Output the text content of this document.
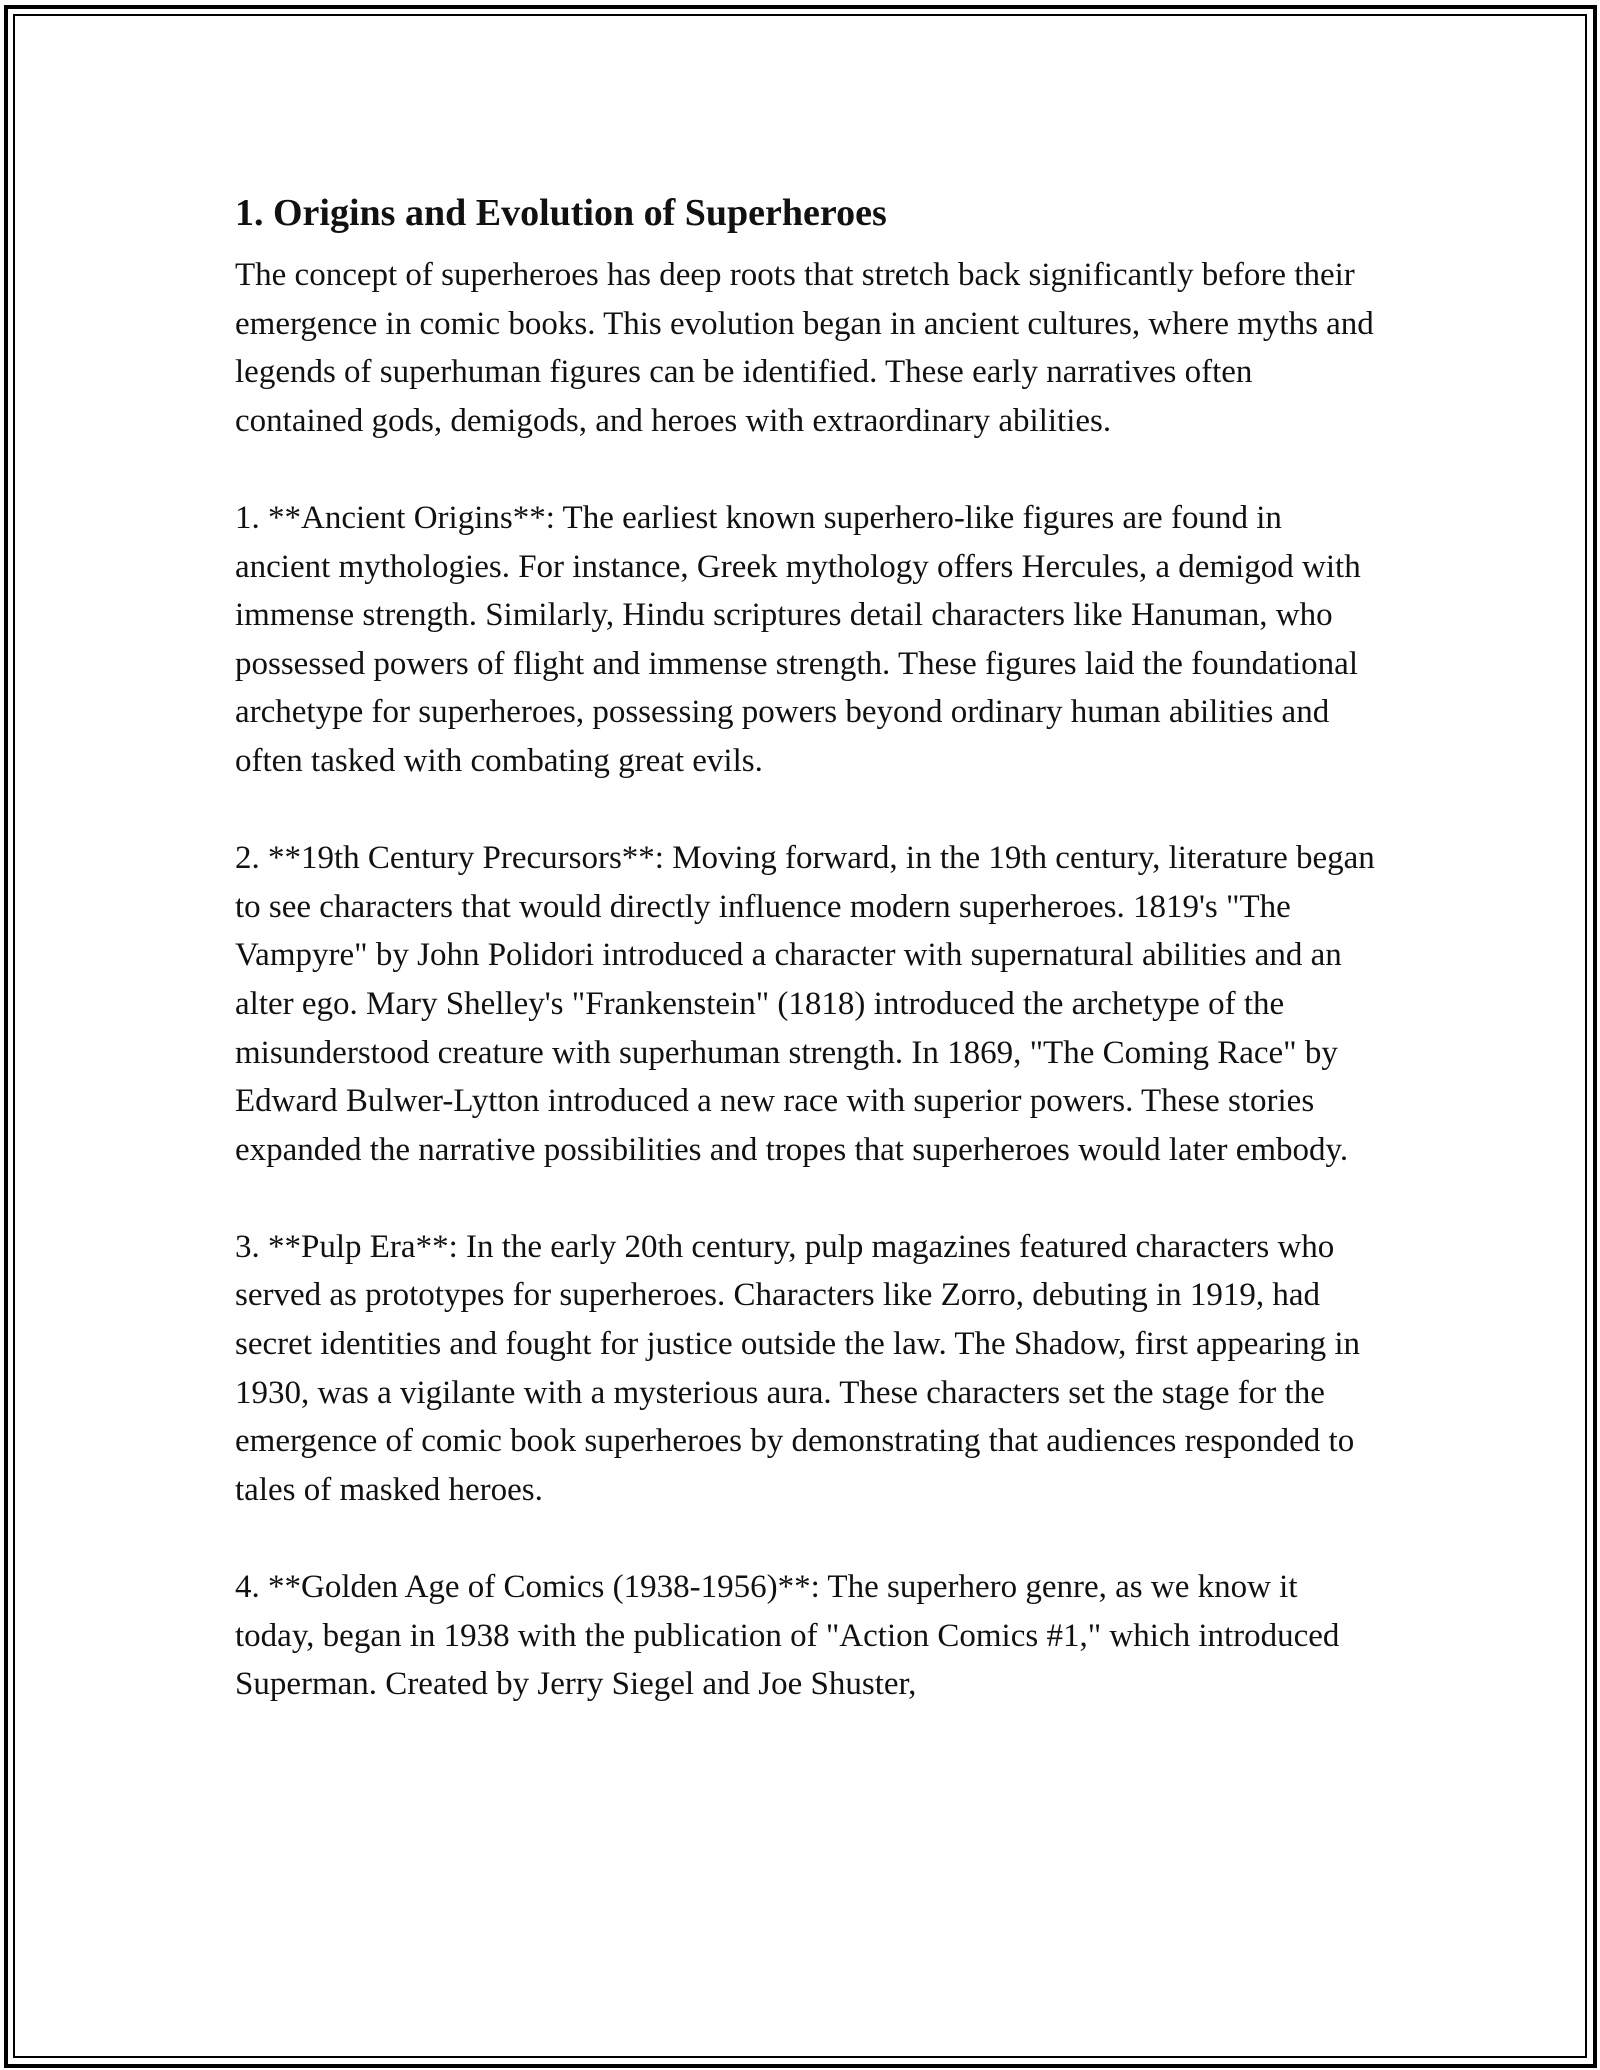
1. Origins and Evolution of Superheroes

The concept of superheroes has deep roots that stretch back significantly before their emergence in comic books. This evolution began in ancient cultures, where myths and legends of superhuman figures can be identified. These early narratives often contained gods, demigods, and heroes with extraordinary abilities.

1. **Ancient Origins**: The earliest known superhero-like figures are found in ancient mythologies. For instance, Greek mythology offers Hercules, a demigod with immense strength. Similarly, Hindu scriptures detail characters like Hanuman, who possessed powers of flight and immense strength. These figures laid the foundational archetype for superheroes, possessing powers beyond ordinary human abilities and often tasked with combating great evils.

2. **19th Century Precursors**: Moving forward, in the 19th century, literature began to see characters that would directly influence modern superheroes. 1819's "The Vampyre" by John Polidori introduced a character with supernatural abilities and an alter ego. Mary Shelley's "Frankenstein" (1818) introduced the archetype of the misunderstood creature with superhuman strength. In 1869, "The Coming Race" by Edward Bulwer-Lytton introduced a new race with superior powers. These stories expanded the narrative possibilities and tropes that superheroes would later embody.

3. **Pulp Era**: In the early 20th century, pulp magazines featured characters who served as prototypes for superheroes. Characters like Zorro, debuting in 1919, had secret identities and fought for justice outside the law. The Shadow, first appearing in 1930, was a vigilante with a mysterious aura. These characters set the stage for the emergence of comic book superheroes by demonstrating that audiences responded to tales of masked heroes.

4. **Golden Age of Comics (1938-1956)**: The superhero genre, as we know it today, began in 1938 with the publication of "Action Comics #1," which introduced Superman. Created by Jerry Siegel and Joe Shuster,
